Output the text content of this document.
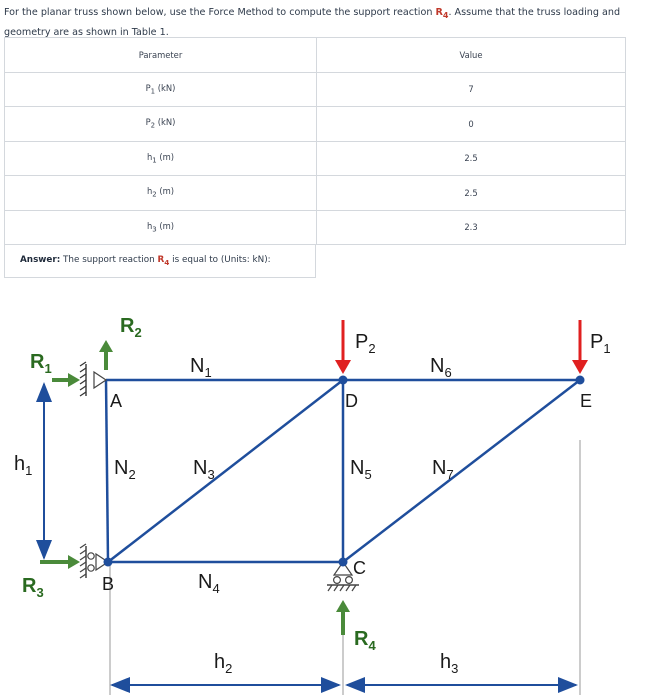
For the planar truss shown below, use the Force Method to compute the support reaction $R_4$. Assume that the truss loading and geometry are as shown in Table 1.
Parameter	Value
$P_1$ (kN)	7
$P_2$ (kN)	0
$h_1$ (m)	2.5
$h_2$ (m)	2.5
$h_3$ (m)	2.3
Answer: The support reaction $R_4$ is equal to (Units: kN):
A
B
C
D	E
$N_1$	$N_6$
$N_2$	$N_3$	$N_5$	$N_7$
$N_4$
$R_2$
$R_1$
$R_3$
$R_4$
$P_2$	$P_1$
$h_1$
$h_2$	$h_3$
